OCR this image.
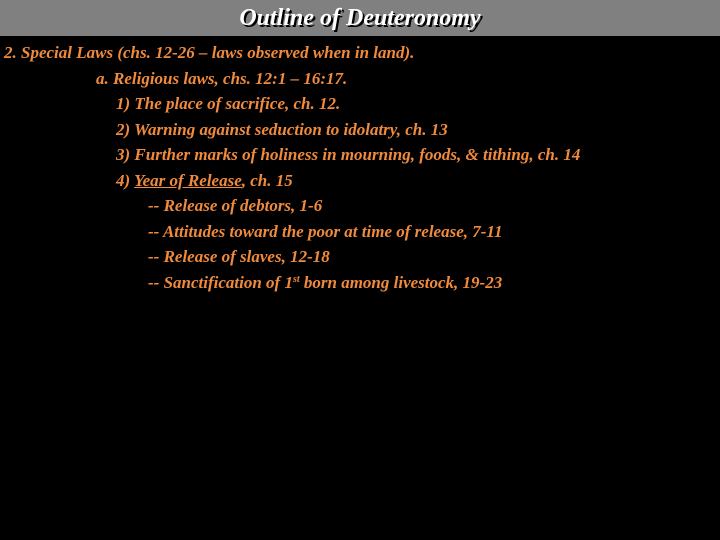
Outline of Deuteronomy
2. Special Laws (chs. 12-26 – laws observed when in land).
a. Religious laws, chs. 12:1 – 16:17.
1) The place of sacrifice, ch. 12.
2) Warning against seduction to idolatry, ch. 13
3) Further marks of holiness in mourning, foods, & tithing, ch. 14
4) Year of Release, ch. 15
-- Release of debtors, 1-6
-- Attitudes toward the poor at time of release, 7-11
-- Release of slaves, 12-18
-- Sanctification of 1st born among livestock, 19-23
